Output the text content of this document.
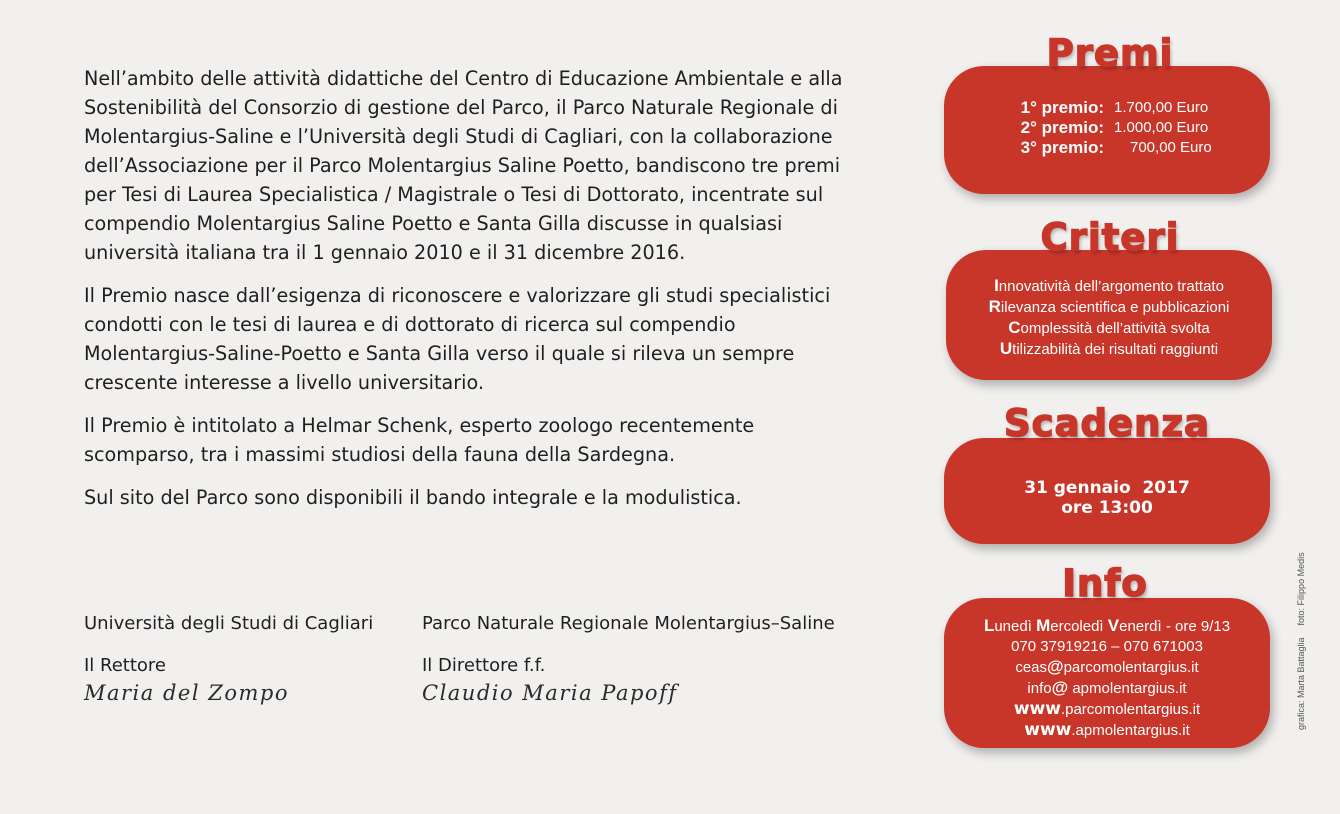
Nell’ambito delle attività didattiche del Centro di Educazione Ambientale e alla Sostenibilità del Consorzio di gestione del Parco, il Parco Naturale Regionale di Molentargius-Saline e l’Università degli Studi di Cagliari, con la collaborazione dell’Associazione per il Parco Molentargius Saline Poetto, bandiscono tre premi per Tesi di Laurea Specialistica / Magistrale o Tesi di Dottorato, incentrate sul compendio Molentargius Saline Poetto e Santa Gilla discusse in qualsiasi università italiana tra il 1 gennaio 2010 e il 31 dicembre 2016.

Il Premio nasce dall’esigenza di riconoscere e valorizzare gli studi specialistici condotti con le tesi di laurea e di dottorato di ricerca sul compendio Molentargius-Saline-Poetto e Santa Gilla verso il quale si rileva un sempre crescente interesse a livello universitario.

Il Premio è intitolato a Helmar Schenk, esperto zoologo recentemente scomparso, tra i massimi studiosi della fauna della Sardegna.

Sul sito del Parco sono disponibili il bando integrale e la modulistica.

Università degli Studi di Cagliari
Il Rettore
Maria del Zompo
Parco Naturale Regionale Molentargius–Saline
Il Direttore f.f.
Claudio Maria Papoff
Premi
1° premio: 1.700,00 Euro
2° premio: 1.000,00 Euro
3° premio:	700,00 Euro
Criteri
Innovatività dell’argomento trattato
Rilevanza scientifica e pubblicazioni
Complessità dell’attività svolta
Utilizzabilità dei risultati raggiunti
Scadenza
31 gennaio  2017
ore 13:00
Info
Lunedì Mercoledì Venerdì - ore 9/13
070 37919216 – 070 671003
ceas@parcomolentargius.it
info@ apmolentargius.it
www.parcomolentargius.it
www.apmolentargius.it
grafica: Marta Battagliafoto: Filippo Medis
